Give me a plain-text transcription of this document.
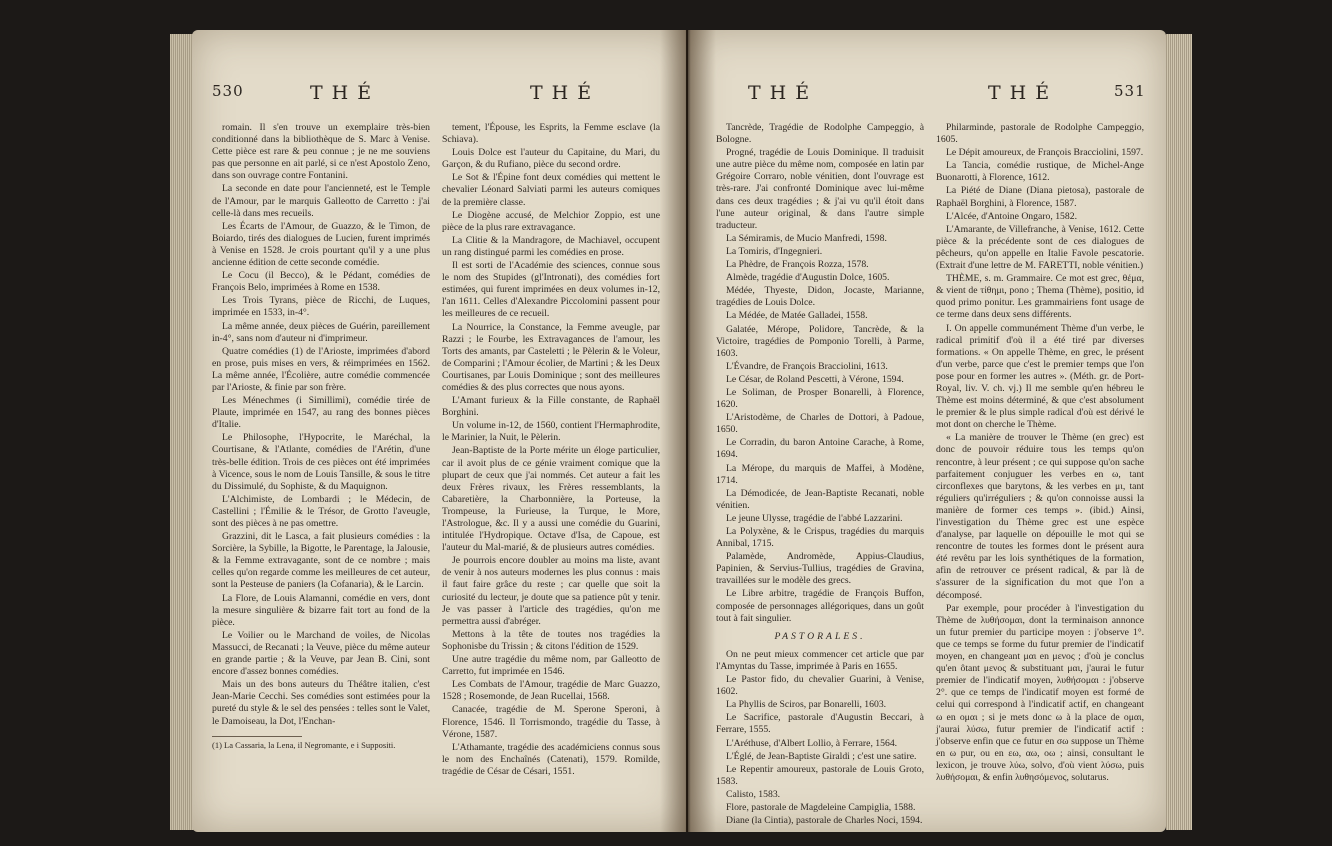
530	THÉ	THÉ

romain. Il s'en trouve un exemplaire très-bien conditionné dans la bibliothèque de S. Marc à Venise. Cette pièce est rare & peu connue ; je ne me souviens pas que personne en ait parlé, si ce n'est Apostolo Zeno, dans son ouvrage contre Fontanini.

La seconde en date pour l'ancienneté, est le Temple de l'Amour, par le marquis Galleotto de Carretto : j'ai celle-là dans mes recueils.

Les Écarts de l'Amour, de Guazzo, & le Timon, de Boiardo, tirés des dialogues de Lucien, furent imprimés à Venise en 1528. Je crois pourtant qu'il y a une plus ancienne édition de cette seconde comédie.

Le Cocu (il Becco), & le Pédant, comédies de François Belo, imprimées à Rome en 1538.

Les Trois Tyrans, pièce de Ricchi, de Luques, imprimée en 1533, in-4°.

La même année, deux pièces de Guérin, pareillement in-4°, sans nom d'auteur ni d'imprimeur.

Quatre comédies (1) de l'Arioste, imprimées d'abord en prose, puis mises en vers, & réimprimées en 1562. La même année, l'Écolière, autre comédie commencée par l'Arioste, & finie par son frère.

Les Ménechmes (i Simillimi), comédie tirée de Plaute, imprimée en 1547, au rang des bonnes pièces d'Italie.

Le Philosophe, l'Hypocrite, le Maréchal, la Courtisane, & l'Atlante, comédies de l'Arétin, d'une très-belle édition. Trois de ces pièces ont été imprimées à Vicence, sous le nom de Louis Tansille, & sous le titre du Dissimulé, du Sophiste, & du Maquignon.

L'Alchimiste, de Lombardi ; le Médecin, de Castellini ; l'Émilie & le Trésor, de Grotto l'aveugle, sont des pièces à ne pas omettre.

Grazzini, dit le Lasca, a fait plusieurs comédies : la Sorcière, la Sybille, la Bigotte, le Parentage, la Jalousie, & la Femme extravagante, sont de ce nombre ; mais celles qu'on regarde comme les meilleures de cet auteur, sont la Pesteuse de paniers (la Cofanaria), & le Larcin.

La Flore, de Louis Alamanni, comédie en vers, dont la mesure singulière & bizarre fait tort au fond de la pièce.

Le Voilier ou le Marchand de voiles, de Nicolas Massucci, de Recanati ; la Veuve, pièce du même auteur en grande partie ; & la Veuve, par Jean B. Cini, sont encore d'assez bonnes comédies.

Mais un des bons auteurs du Théâtre italien, c'est Jean-Marie Cecchi. Ses comédies sont estimées pour la pureté du style & le sel des pensées : telles sont le Valet, le Damoiseau, la Dot, l'Enchan-

(1) La Cassaria, la Lena, il Negromante, e i Suppositi.

tement, l'Épouse, les Esprits, la Femme esclave (la Schiava).

Louis Dolce est l'auteur du Capitaine, du Mari, du Garçon, & du Rufiano, pièce du second ordre.

Le Sot & l'Épine font deux comédies qui mettent le chevalier Léonard Salviati parmi les auteurs comiques de la première classe.

Le Diogène accusé, de Melchior Zoppio, est une pièce de la plus rare extravagance.

La Clitie & la Mandragore, de Machiavel, occupent un rang distingué parmi les comédies en prose.

Il est sorti de l'Académie des sciences, connue sous le nom des Stupides (gl'Intronati), des comédies fort estimées, qui furent imprimées en deux volumes in-12, l'an 1611. Celles d'Alexandre Piccolomini passent pour les meilleures de ce recueil.

La Nourrice, la Constance, la Femme aveugle, par Razzi ; le Fourbe, les Extravagances de l'amour, les Torts des amants, par Casteletti ; le Pèlerin & le Voleur, de Comparini ; l'Amour écolier, de Martini ; & les Deux Courtisanes, par Louis Dominique ; sont des meilleures comédies & des plus correctes que nous ayons.

L'Amant furieux & la Fille constante, de Raphaël Borghini.

Un volume in-12, de 1560, contient l'Hermaphrodite, le Marinier, la Nuit, le Pèlerin.

Jean-Baptiste de la Porte mérite un éloge particulier, car il avoit plus de ce génie vraiment comique que la plupart de ceux que j'ai nommés. Cet auteur a fait les deux Frères rivaux, les Frères ressemblants, la Cabaretière, la Charbonnière, la Porteuse, la Trompeuse, la Furieuse, la Turque, le More, l'Astrologue, &c. Il y a aussi une comédie du Guarini, intitulée l'Hydropique. Octave d'Isa, de Capoue, est l'auteur du Mal-marié, & de plusieurs autres comédies.

Je pourrois encore doubler au moins ma liste, avant de venir à nos auteurs modernes les plus connus : mais il faut faire grâce du reste ; car quelle que soit la curiosité du lecteur, je doute que sa patience pût y tenir. Je vas passer à l'article des tragédies, qu'on me permettra aussi d'abréger.

Mettons à la tête de toutes nos tragédies la Sophonisbe du Trissin ; & citons l'édition de 1529.

Une autre tragédie du même nom, par Galleotto de Carretto, fut imprimée en 1546.

Les Combats de l'Amour, tragédie de Marc Guazzo, 1528 ; Rosemonde, de Jean Rucellai, 1568.

Canacée, tragédie de M. Sperone Speroni, à Florence, 1546. Il Torrismondo, tragédie du Tasse, à Vérone, 1587.

L'Athamante, tragédie des académiciens connus sous le nom des Enchaînés (Catenati), 1579. Romilde, tragédie de César de Césari, 1551.

THÉ	THÉ	531

Tancrède, Tragédie de Rodolphe Campeggio, à Bologne.

Progné, tragédie de Louis Dominique. Il traduisit une autre pièce du même nom, composée en latin par Grégoire Corraro, noble vénitien, dont l'ouvrage est très-rare. J'ai confronté Dominique avec lui-même dans ces deux tragédies ; & j'ai vu qu'il étoit dans l'une auteur original, & dans l'autre simple traducteur.

La Sémiramis, de Mucio Manfredi, 1598.

La Tomiris, d'Ingegnieri.

La Phèdre, de François Rozza, 1578.

Almède, tragédie d'Augustin Dolce, 1605.

Médée, Thyeste, Didon, Jocaste, Marianne, tragédies de Louis Dolce.

La Médée, de Matée Galladei, 1558.

Galatée, Mérope, Polidore, Tancrède, & la Victoire, tragédies de Pomponio Torelli, à Parme, 1603.

L'Évandre, de François Bracciolini, 1613.

Le César, de Roland Pescetti, à Vérone, 1594.

Le Soliman, de Prosper Bonarelli, à Florence, 1620.

L'Aristodème, de Charles de Dottori, à Padoue, 1650.

Le Corradin, du baron Antoine Carache, à Rome, 1694.

La Mérope, du marquis de Maffei, à Modène, 1714.

La Démodicée, de Jean-Baptiste Recanati, noble vénitien.

Le jeune Ulysse, tragédie de l'abbé Lazzarini.

La Polyxène, & le Crispus, tragédies du marquis Annibal, 1715.

Palamède, Andromède, Appius-Claudius, Papinien, & Servius-Tullius, tragédies de Gravina, travaillées sur le modèle des grecs.

Le Libre arbitre, tragédie de François Buffon, composée de personnages allégoriques, dans un goût tout à fait singulier.

PASTORALES.

On ne peut mieux commencer cet article que par l'Amyntas du Tasse, imprimée à Paris en 1655.

Le Pastor fido, du chevalier Guarini, à Venise, 1602.

La Phyllis de Sciros, par Bonarelli, 1603.

Le Sacrifice, pastorale d'Augustin Beccari, à Ferrare, 1555.

L'Aréthuse, d'Albert Lollio, à Ferrare, 1564.

L'Églé, de Jean-Baptiste Giraldi ; c'est une satire.

Le Repentir amoureux, pastorale de Louis Groto, 1583.

Calisto, 1583.

Flore, pastorale de Magdeleine Campiglia, 1588.

Diane (la Cintia), pastorale de Charles Noci, 1594.

Philarminde, pastorale de Rodolphe Campeggio, 1605.

Le Dépit amoureux, de François Bracciolini, 1597.

La Tancia, comédie rustique, de Michel-Ange Buonarotti, à Florence, 1612.

La Piété de Diane (Diana pietosa), pastorale de Raphaël Borghini, à Florence, 1587.

L'Alcée, d'Antoine Ongaro, 1582.

L'Amarante, de Villefranche, à Venise, 1612. Cette pièce & la précédente sont de ces dialogues de pêcheurs, qu'on appelle en Italie Favole pescatorie. (Extrait d'une lettre de M. FARETTI, noble vénitien.)

THÈME, s. m. Grammaire. Ce mot est grec, θέμα, & vient de τίθημι, pono ; Thema (Thème), positio, id quod primo ponitur. Les grammairiens font usage de ce terme dans deux sens différents.

I. On appelle communément Thème d'un verbe, le radical primitif d'où il a été tiré par diverses formations. « On appelle Thème, en grec, le présent d'un verbe, parce que c'est le premier temps que l'on pose pour en former les autres ». (Méth. gr. de Port-Royal, liv. V. ch. vj.) Il me semble qu'en hébreu le Thème est moins déterminé, & que c'est absolument le premier & le plus simple radical d'où est dérivé le mot dont on cherche le Thème.

« La manière de trouver le Thème (en grec) est donc de pouvoir réduire tous les temps qu'on rencontre, à leur présent ; ce qui suppose qu'on sache parfaitement conjuguer les verbes en ω, tant circonflexes que barytons, & les verbes en μι, tant réguliers qu'irréguliers ; & qu'on connoisse aussi la manière de former ces temps ». (ibid.) Ainsi, l'investigation du Thème grec est une espèce d'analyse, par laquelle on dépouille le mot qui se rencontre de toutes les formes dont le présent aura été revêtu par les lois synthétiques de la formation, afin de retrouver ce présent radical, & par là de s'assurer de la signification du mot que l'on a décomposé.

Par exemple, pour procéder à l'investigation du Thème de λυθήσομαι, dont la terminaison annonce un futur premier du participe moyen : j'observe 1°. que ce temps se forme du futur premier de l'indicatif moyen, en changeant μαι en μενος ; d'où je conclus qu'en ôtant μενος & substituant μαι, j'aurai le futur premier de l'indicatif moyen, λυθήσομαι : j'observe 2°. que ce temps de l'indicatif moyen est formé de celui qui correspond à l'indicatif actif, en changeant ω en ομαι ; si je mets donc ω à la place de ομαι, j'aurai λύσω, futur premier de l'indicatif actif : j'observe enfin que ce futur en σω suppose un Thème en ω pur, ou en εω, αω, οω ; ainsi, consultant le lexicon, je trouve λύω, solvo, d'où vient λύσω, puis λυθήσομαι, & enfin λυθησόμενος, solutarus.
